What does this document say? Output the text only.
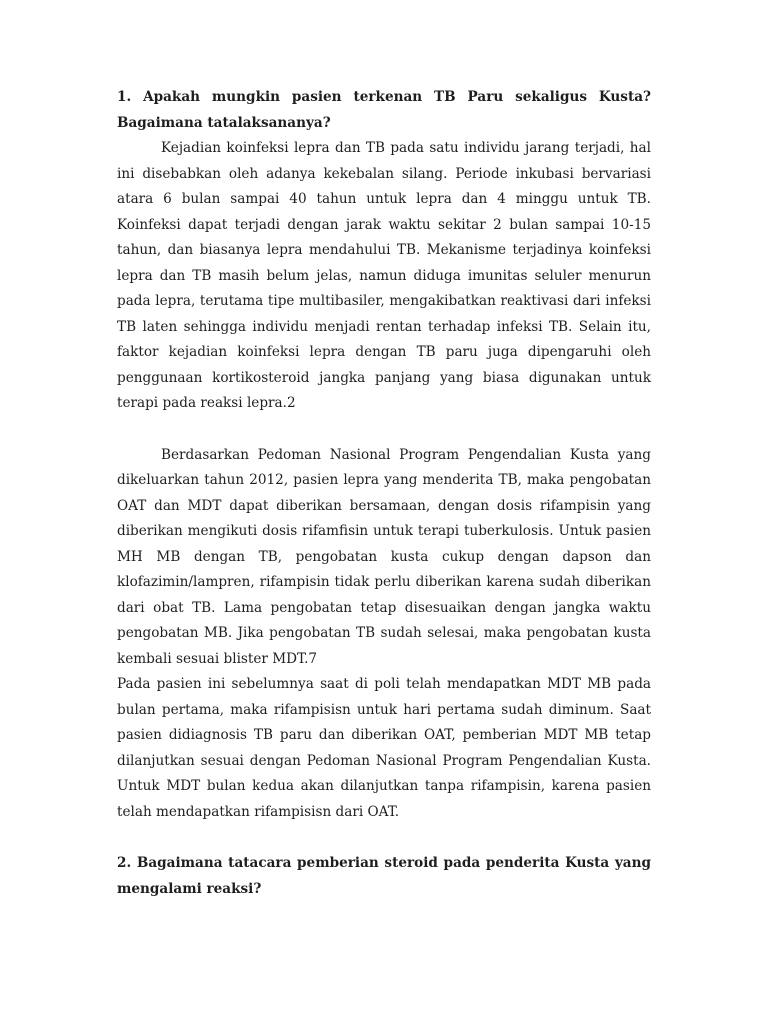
1. Apakah mungkin pasien terkenan TB Paru sekaligus Kusta? Bagaimana tatalaksananya?

Kejadian koinfeksi lepra dan TB pada satu individu jarang terjadi, hal ini disebabkan oleh adanya kekebalan silang. Periode inkubasi bervariasi atara 6 bulan sampai 40 tahun untuk lepra dan 4 minggu untuk TB. Koinfeksi dapat terjadi dengan jarak waktu sekitar 2 bulan sampai 10-15 tahun, dan biasanya lepra mendahului TB. Mekanisme terjadinya koinfeksi lepra dan TB masih belum jelas, namun diduga imunitas seluler menurun pada lepra, terutama tipe multibasiler, mengakibatkan reaktivasi dari infeksi TB laten sehingga individu menjadi rentan terhadap infeksi TB. Selain itu, faktor kejadian koinfeksi lepra dengan TB paru juga dipengaruhi oleh penggunaan kortikosteroid jangka panjang yang biasa digunakan untuk terapi pada reaksi lepra.2

Berdasarkan Pedoman Nasional Program Pengendalian Kusta yang dikeluarkan tahun 2012, pasien lepra yang menderita TB, maka pengobatan OAT dan MDT dapat diberikan bersamaan, dengan dosis rifampisin yang diberikan mengikuti dosis rifamfisin untuk terapi tuberkulosis. Untuk pasien MH MB dengan TB, pengobatan kusta cukup dengan dapson dan klofazimin/lampren, rifampisin tidak perlu diberikan karena sudah diberikan dari obat TB. Lama pengobatan tetap disesuaikan dengan jangka waktu pengobatan MB. Jika pengobatan TB sudah selesai, maka pengobatan kusta kembali sesuai blister MDT.7

Pada pasien ini sebelumnya saat di poli telah mendapatkan MDT MB pada bulan pertama, maka rifampisisn untuk hari pertama sudah diminum. Saat pasien didiagnosis TB paru dan diberikan OAT, pemberian MDT MB tetap dilanjutkan sesuai dengan Pedoman Nasional Program Pengendalian Kusta. Untuk MDT bulan kedua akan dilanjutkan tanpa rifampisin, karena pasien telah mendapatkan rifampisisn dari OAT.

2. Bagaimana tatacara pemberian steroid pada penderita Kusta yang mengalami reaksi?
